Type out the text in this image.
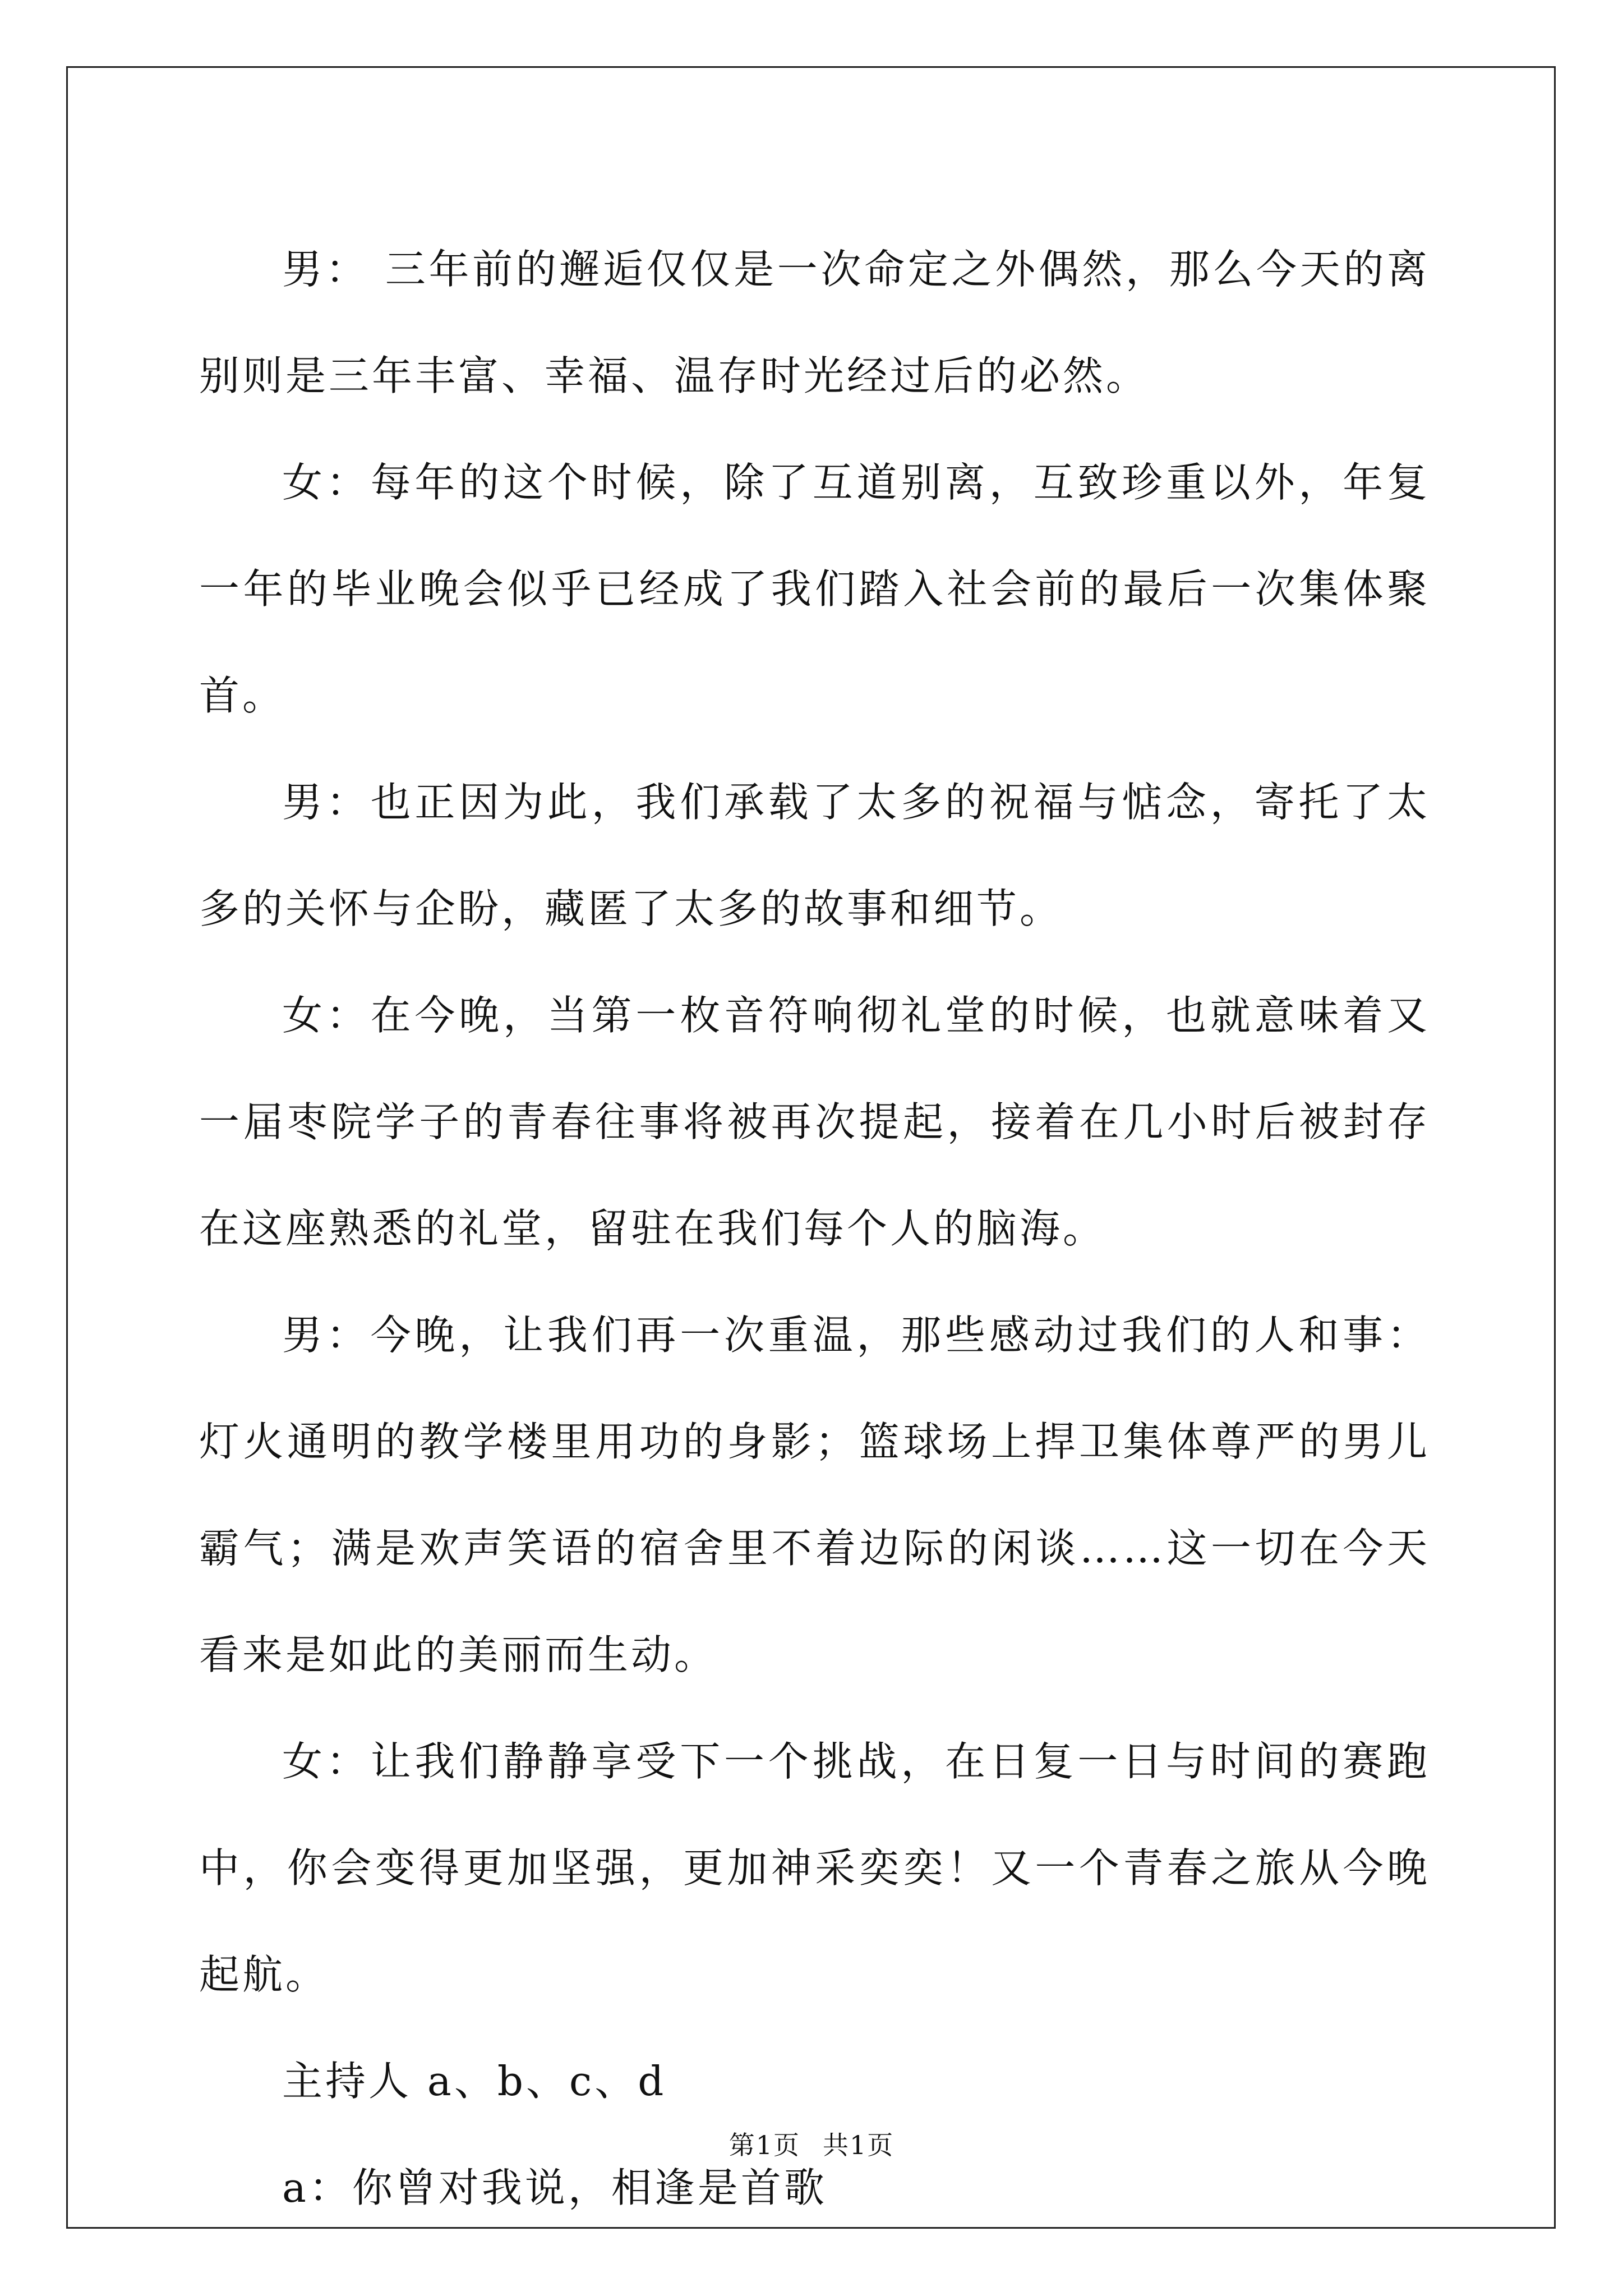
男： 三年前的邂逅仅仅是一次命定之外偶然，那么今天的离别则是三年丰富、幸福、温存时光经过后的必然。

女：每年的这个时候，除了互道别离，互致珍重以外，年复一年的毕业晚会似乎已经成了我们踏入社会前的最后一次集体聚首。

男：也正因为此，我们承载了太多的祝福与惦念，寄托了太多的关怀与企盼，藏匿了太多的故事和细节。

女：在今晚，当第一枚音符响彻礼堂的时候，也就意味着又一届枣院学子的青春往事将被再次提起，接着在几小时后被封存在这座熟悉的礼堂，留驻在我们每个人的脑海。

男：今晚，让我们再一次重温，那些感动过我们的人和事：灯火通明的教学楼里用功的身影；篮球场上捍卫集体尊严的男儿霸气；满是欢声笑语的宿舍里不着边际的闲谈……这一切在今天看来是如此的美丽而生动。

女：让我们静静享受下一个挑战，在日复一日与时间的赛跑中，你会变得更加坚强，更加神采奕奕！又一个青春之旅从今晚起航。

主持人 a、b、c、d

a：你曾对我说，相逢是首歌

第1页 共1页
